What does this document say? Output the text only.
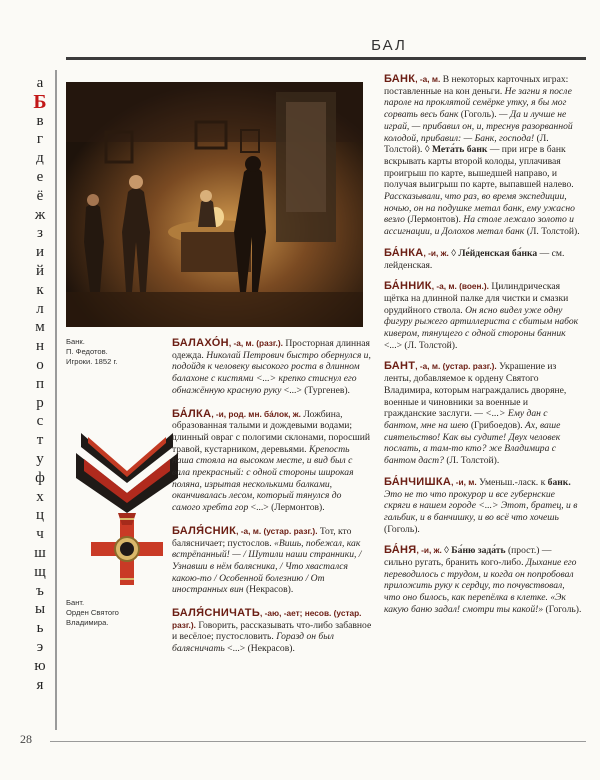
БАЛ
а
Б
в
г
д
е
ё
ж
з
и
й
к
л
м
н
о
п
р
с
т
у
ф
х
ц
ч
ш
щ
ъ
ы
ь
э
ю
я
Банк.
П. Федотов.
Игроки. 1852 г.
Бант.
Орден Святого
Владимира.
БАЛАХО́Н, -а, м. (разг.). Просторная длинная одежда. Николай Петрович быстро обернулся и, подойдя к человеку высокого роста в длинном балахоне с кистями <...> крепко стиснул его обнажённую красную руку <...> (Тургенев).
БА́ЛКА, -и, род. мн. ба́лок, ж. Ложбина, образованная талыми и дождевыми водами; длинный овраг с пологими склонами, поросший травой, кустарником, деревьями. Крепость наша стояла на высоком месте, и вид был с вала прекрасный: с одной стороны широкая поляна, изрытая несколькими балками, оканчивалась лесом, который тянулся до самого хребта гор <...> (Лермонтов).
БАЛЯ́СНИК, -а, м. (устар. разг.). Тот, кто балясничает; пустослов. «Вишь, побежал, как встрёпанный! — / Шутили наши странники, / Узнавши в нём балясника, / Что хвастался какою-то / Особенной болезнию / От иностранных вин (Некрасов).
БАЛЯ́СНИЧАТЬ, -аю, -ает; несов. (устар. разг.). Говорить, рассказывать что-либо забавное и весёлое; пустословить. Горазд он был балясничать <...> (Некрасов).
БАНК, -а, м. В некоторых карточных играх: поставленные на кон деньги. Не загни я после пароле на проклятой семёрке утку, я бы мог сорвать весь банк (Гоголь). — Да и лучше не играй, — прибавил он, и, треснув разорванной колодой, прибавил: — Банк, господа! (Л. Толстой). ◊ Мета́ть банк — при игре в банк вскрывать карты второй колоды, уплачивая проигрыш по карте, вышедшей направо, и получая выигрыш по карте, выпавшей налево. Рассказывали, что раз, во время экспедиции, ночью, он на подушке метал банк, ему ужасно везло (Лермонтов). На столе лежало золото и ассигнации, и Долохов метал банк (Л. Толстой).
БА́НКА, -и, ж. ◊ Ле́йденская ба́нка — см. лейденская.
БА́ННИК, -а, м. (воен.). Цилиндрическая щётка на длинной палке для чистки и смазки орудийного ствола. Он ясно видел уже одну фигуру рыжего артиллериста с сбитым набок кивером, тянущего с одной стороны банник <...> (Л. Толстой).
БАНТ, -а, м. (устар. разг.). Украшение из ленты, добавляемое к ордену Святого Владимира, которым награждались дворяне, военные и чиновники за военные и гражданские заслуги. — <...> Ему дан с бантом, мне на шею (Грибоедов). Ах, ваше сиятельство! Как вы судите! Двух человек послать, а там-то кто? же Владимира с бантом даст? (Л. Толстой).
БА́НЧИШКА, -и, м. Уменьш.-ласк. к банк. Это не то что прокурор и все губернские скряги в нашем городе <...> Этот, братец, и в гальбик, и в банчишку, и во всё что хочешь (Гоголь).
БА́НЯ, -и, ж. ◊ Ба́ню зада́ть (прост.) — сильно ругать, бранить кого-либо. Дыхание его переводилось с трудом, и когда он попробовал приложить руку к сердцу, то почувствовал, что оно билось, как перепёлка в клетке. «Эк какую баню задал! смотри ты какой!» (Гоголь).
28
